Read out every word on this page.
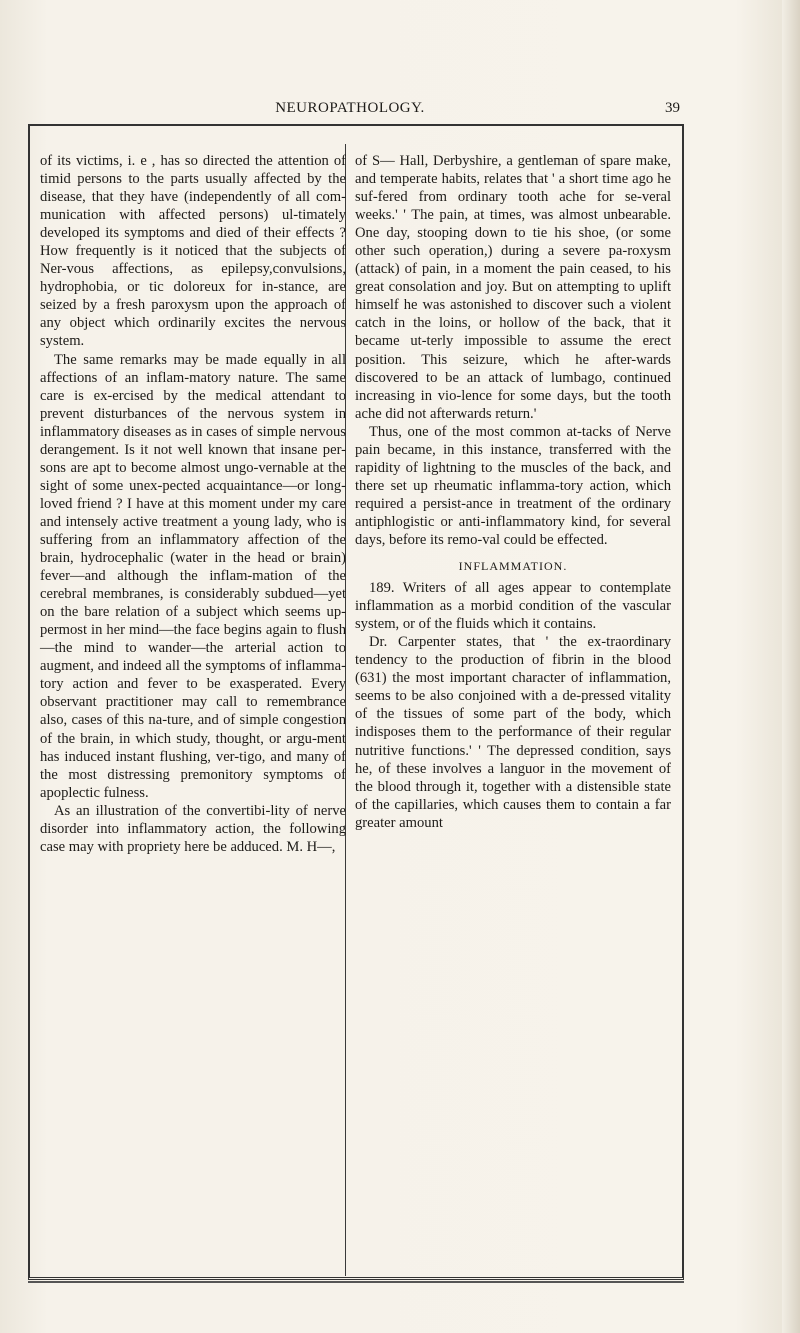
NEUROPATHOLOGY.	39

of its victims, i. e , has so directed the attention of timid persons to the parts usually affected by the disease, that they have (independently of all com-munication with affected persons) ul-timately developed its symptoms and died of their effects ? How frequently is it noticed that the subjects of Ner-vous affections, as epilepsy,convulsions, hydrophobia, or tic doloreux for in-stance, are seized by a fresh paroxysm upon the approach of any object which ordinarily excites the nervous system.

The same remarks may be made equally in all affections of an inflam-matory nature. The same care is ex-ercised by the medical attendant to prevent disturbances of the nervous system in inflammatory diseases as in cases of simple nervous derangement. Is it not well known that insane per-sons are apt to become almost ungo-vernable at the sight of some unex-pected acquaintance—or long-loved friend ? I have at this moment under my care and intensely active treatment a young lady, who is suffering from an inflammatory affection of the brain, hydrocephalic (water in the head or brain) fever—and although the inflam-mation of the cerebral membranes, is considerably subdued—yet on the bare relation of a subject which seems up-permost in her mind—the face begins again to flush—the mind to wander—the arterial action to augment, and indeed all the symptoms of inflamma-tory action and fever to be exasperated. Every observant practitioner may call to remembrance also, cases of this na-ture, and of simple congestion of the brain, in which study, thought, or argu-ment has induced instant flushing, ver-tigo, and many of the most distressing premonitory symptoms of apoplectic fulness.

As an illustration of the convertibi-lity of nerve disorder into inflammatory action, the following case may with propriety here be adduced. M. H—,

of S— Hall, Derbyshire, a gentleman of spare make, and temperate habits, relates that ' a short time ago he suf-fered from ordinary tooth ache for se-veral weeks.' ' The pain, at times, was almost unbearable. One day, stooping down to tie his shoe, (or some other such operation,) during a severe pa-roxysm (attack) of pain, in a moment the pain ceased, to his great consolation and joy. But on attempting to uplift himself he was astonished to discover such a violent catch in the loins, or hollow of the back, that it became ut-terly impossible to assume the erect position. This seizure, which he after-wards discovered to be an attack of lumbago, continued increasing in vio-lence for some days, but the tooth ache did not afterwards return.'

Thus, one of the most common at-tacks of Nerve pain became, in this instance, transferred with the rapidity of lightning to the muscles of the back, and there set up rheumatic inflamma-tory action, which required a persist-ance in treatment of the ordinary antiphlogistic or anti-inflammatory kind, for several days, before its remo-val could be effected.

INFLAMMATION.

189. Writers of all ages appear to contemplate inflammation as a morbid condition of the vascular system, or of the fluids which it contains.

Dr. Carpenter states, that ' the ex-traordinary tendency to the production of fibrin in the blood (631) the most important character of inflammation, seems to be also conjoined with a de-pressed vitality of the tissues of some part of the body, which indisposes them to the performance of their regular nutritive functions.' ' The depressed condition, says he, of these involves a languor in the movement of the blood through it, together with a distensible state of the capillaries, which causes them to contain a far greater amount
